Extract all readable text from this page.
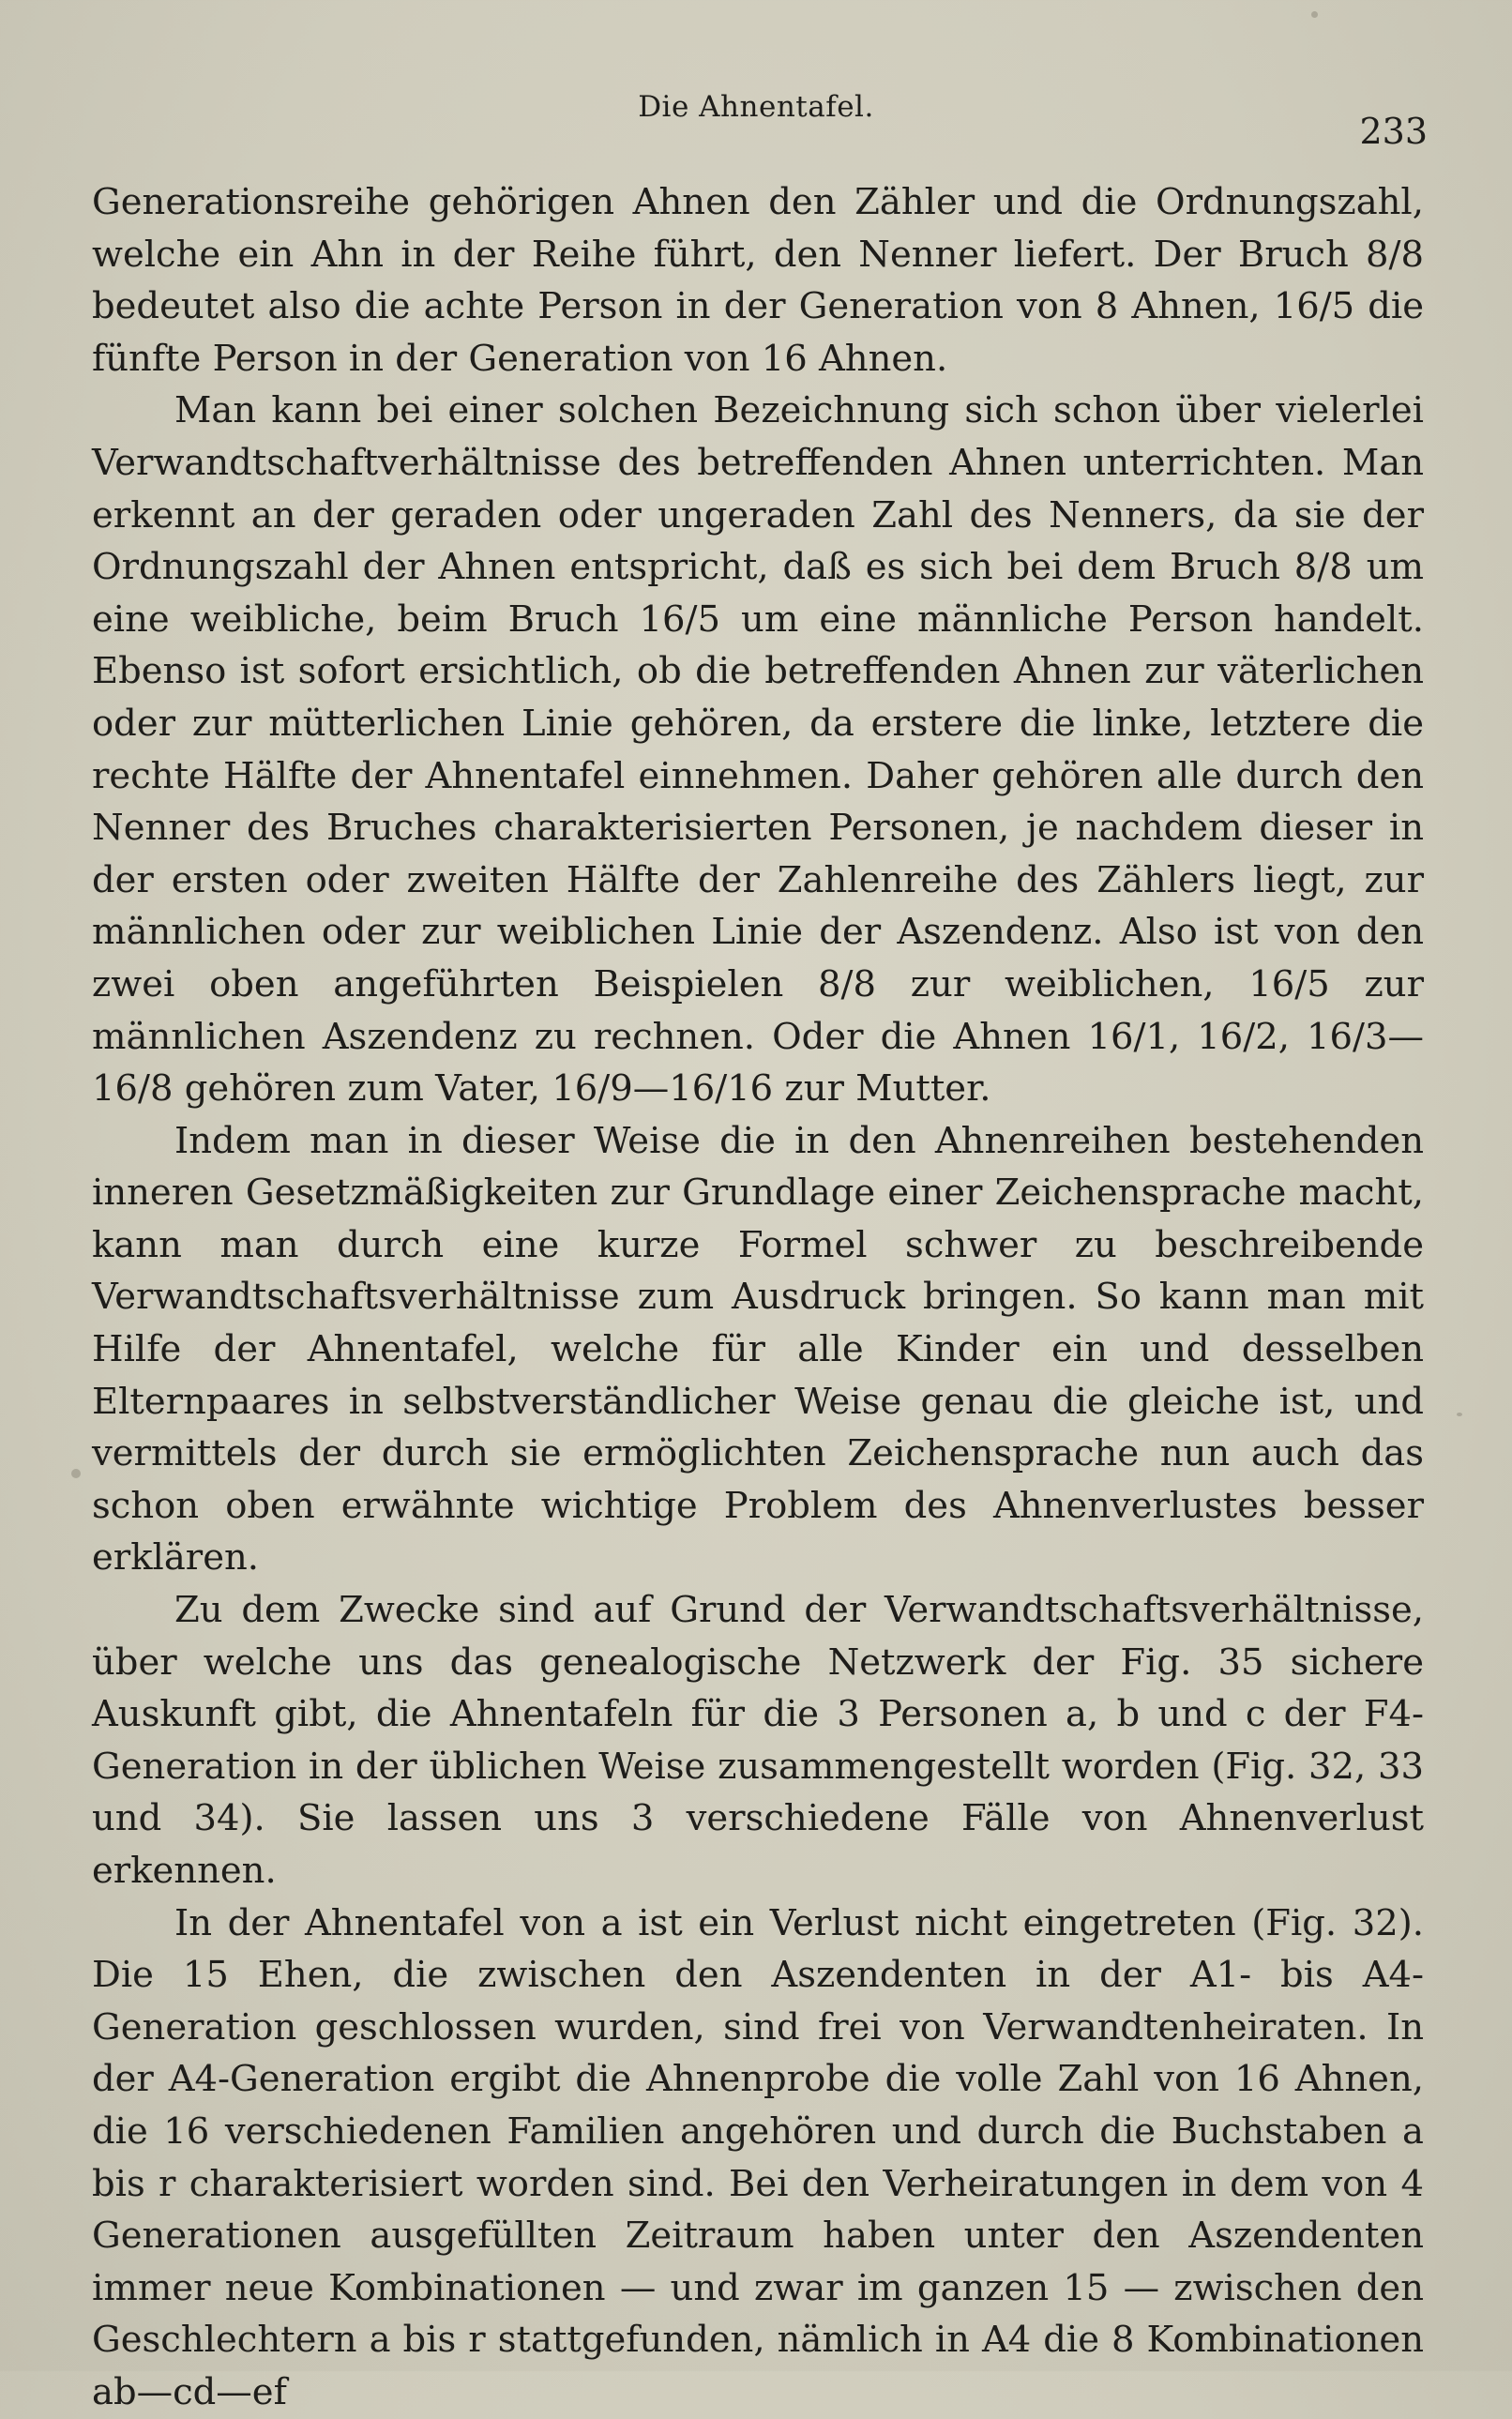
Die Ahnentafel.
233

Generationsreihe gehörigen Ahnen den Zähler und die Ordnungszahl, welche ein Ahn in der Reihe führt, den Nenner liefert. Der Bruch 8/8 bedeutet also die achte Person in der Generation von 8 Ahnen, 16/5 die fünfte Person in der Generation von 16 Ahnen.

Man kann bei einer solchen Bezeichnung sich schon über vielerlei Verwandtschaftverhältnisse des betreffenden Ahnen unterrichten. Man erkennt an der geraden oder ungeraden Zahl des Nenners, da sie der Ordnungszahl der Ahnen entspricht, daß es sich bei dem Bruch 8/8 um eine weibliche, beim Bruch 16/5 um eine männliche Person handelt. Ebenso ist sofort ersichtlich, ob die betreffenden Ahnen zur väterlichen oder zur mütterlichen Linie gehören, da erstere die linke, letztere die rechte Hälfte der Ahnentafel einnehmen. Daher gehören alle durch den Nenner des Bruches charakterisierten Personen, je nachdem dieser in der ersten oder zweiten Hälfte der Zahlenreihe des Zählers liegt, zur männlichen oder zur weiblichen Linie der Aszendenz. Also ist von den zwei oben angeführten Beispielen 8/8 zur weiblichen, 16/5 zur männlichen Aszendenz zu rechnen. Oder die Ahnen 16/1, 16/2, 16/3—16/8 gehören zum Vater, 16/9—16/16 zur Mutter.

Indem man in dieser Weise die in den Ahnenreihen bestehenden inneren Gesetzmäßigkeiten zur Grundlage einer Zeichensprache macht, kann man durch eine kurze Formel schwer zu beschreibende Verwandtschaftsverhältnisse zum Ausdruck bringen. So kann man mit Hilfe der Ahnentafel, welche für alle Kinder ein und desselben Elternpaares in selbstverständlicher Weise genau die gleiche ist, und vermittels der durch sie ermöglichten Zeichensprache nun auch das schon oben erwähnte wichtige Problem des Ahnenverlustes besser erklären.

Zu dem Zwecke sind auf Grund der Verwandtschaftsverhältnisse, über welche uns das genealogische Netzwerk der Fig. 35 sichere Auskunft gibt, die Ahnentafeln für die 3 Personen a, b und c der F4-Generation in der üblichen Weise zusammengestellt worden (Fig. 32, 33 und 34). Sie lassen uns 3 verschiedene Fälle von Ahnenverlust erkennen.

In der Ahnentafel von a ist ein Verlust nicht eingetreten (Fig. 32). Die 15 Ehen, die zwischen den Aszendenten in der A1- bis A4-Generation geschlossen wurden, sind frei von Verwandtenheiraten. In der A4-Generation ergibt die Ahnenprobe die volle Zahl von 16 Ahnen, die 16 verschiedenen Familien angehören und durch die Buchstaben a bis r charakterisiert worden sind. Bei den Verheiratungen in dem von 4 Generationen ausgefüllten Zeitraum haben unter den Aszendenten immer neue Kombinationen — und zwar im ganzen 15 — zwischen den Geschlechtern a bis r stattgefunden, nämlich in A4 die 8 Kombinationen ab—cd—ef
